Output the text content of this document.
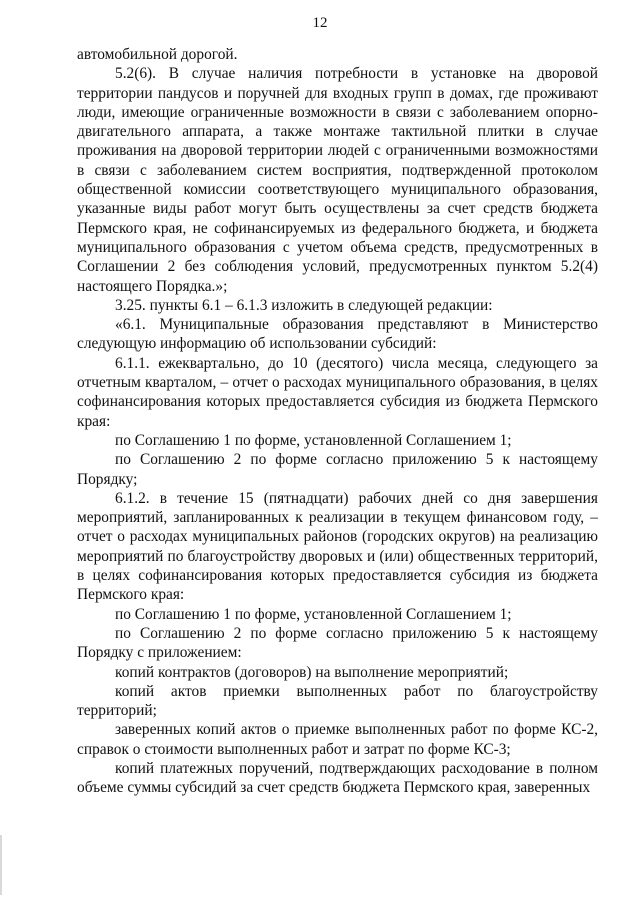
12

автомобильной дорогой.

5.2(6). В случае наличия потребности в установке на дворовой территории пандусов и поручней для входных групп в домах, где проживают люди, имеющие ограниченные возможности в связи с заболеванием опорно-двигательного аппарата, а также монтаже тактильной плитки в случае проживания на дворовой территории людей с ограниченными возможностями в связи с заболеванием систем восприятия, подтвержденной протоколом общественной комиссии соответствующего муниципального образования, указанные виды работ могут быть осуществлены за счет средств бюджета Пермского края, не софинансируемых из федерального бюджета, и бюджета муниципального образования с учетом объема средств, предусмотренных в Соглашении 2 без соблюдения условий, предусмотренных пунктом 5.2(4) настоящего Порядка.»;

3.25. пункты 6.1 – 6.1.3 изложить в следующей редакции:

«6.1. Муниципальные образования представляют в Министерство следующую информацию об использовании субсидий:

6.1.1. ежеквартально, до 10 (десятого) числа месяца, следующего за отчетным кварталом, – отчет о расходах муниципального образования, в целях софинансирования которых предоставляется субсидия из бюджета Пермского края:

по Соглашению 1 по форме, установленной Соглашением 1;

по Соглашению 2 по форме согласно приложению 5 к настоящему Порядку;

6.1.2. в течение 15 (пятнадцати) рабочих дней со дня завершения мероприятий, запланированных к реализации в текущем финансовом году, – отчет о расходах муниципальных районов (городских округов) на реализацию мероприятий по благоустройству дворовых и (или) общественных территорий, в целях софинансирования которых предоставляется субсидия из бюджета Пермского края:

по Соглашению 1 по форме, установленной Соглашением 1;

по Соглашению 2 по форме согласно приложению 5 к настоящему Порядку с приложением:

копий контрактов (договоров) на выполнение мероприятий;

копий актов приемки выполненных работ по благоустройству территорий;

заверенных копий актов о приемке выполненных работ по форме КС-2, справок о стоимости выполненных работ и затрат по форме КС-3;

копий платежных поручений, подтверждающих расходование в полном объеме суммы субсидий за счет средств бюджета Пермского края, заверенных
